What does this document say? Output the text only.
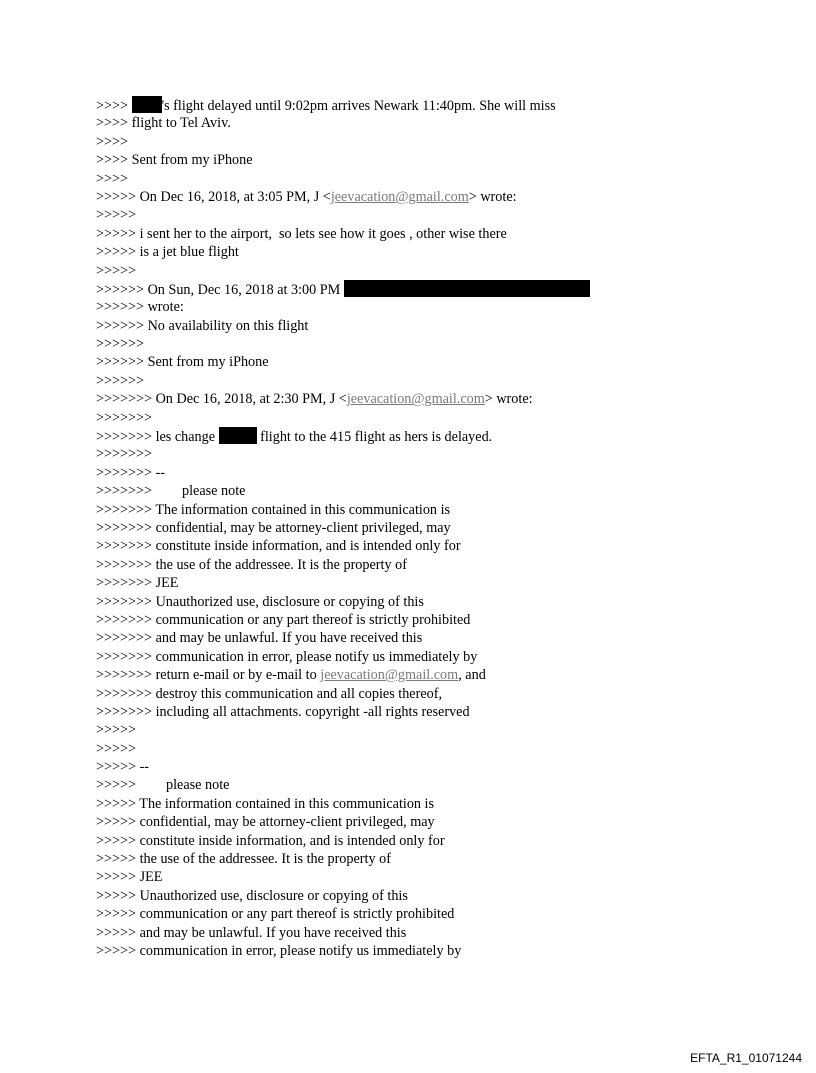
>>>> 's flight delayed until 9:02pm arrives Newark 11:40pm. She will miss
>>>> flight to Tel Aviv.
>>>>
>>>> Sent from my iPhone
>>>>
>>>>> On Dec 16, 2018, at 3:05 PM, J <jeevacation@gmail.com> wrote:
>>>>>
>>>>> i sent her to the airport,  so lets see how it goes , other wise there
>>>>> is a jet blue flight
>>>>>
>>>>>> On Sun, Dec 16, 2018 at 3:00 PM
>>>>>> wrote:
>>>>>> No availability on this flight
>>>>>>
>>>>>> Sent from my iPhone
>>>>>>
>>>>>>> On Dec 16, 2018, at 2:30 PM, J <jeevacation@gmail.com> wrote:
>>>>>>>
>>>>>>> les change	flight to the 415 flight as hers is delayed.
>>>>>>>
>>>>>>> --
>>>>>>> please note
>>>>>>> The information contained in this communication is
>>>>>>> confidential, may be attorney-client privileged, may
>>>>>>> constitute inside information, and is intended only for
>>>>>>> the use of the addressee. It is the property of
>>>>>>> JEE
>>>>>>> Unauthorized use, disclosure or copying of this
>>>>>>> communication or any part thereof is strictly prohibited
>>>>>>> and may be unlawful. If you have received this
>>>>>>> communication in error, please notify us immediately by
>>>>>>> return e-mail or by e-mail to jeevacation@gmail.com, and
>>>>>>> destroy this communication and all copies thereof,
>>>>>>> including all attachments. copyright -all rights reserved
>>>>>
>>>>>
>>>>> --
>>>>> please note
>>>>> The information contained in this communication is
>>>>> confidential, may be attorney-client privileged, may
>>>>> constitute inside information, and is intended only for
>>>>> the use of the addressee. It is the property of
>>>>> JEE
>>>>> Unauthorized use, disclosure or copying of this
>>>>> communication or any part thereof is strictly prohibited
>>>>> and may be unlawful. If you have received this
>>>>> communication in error, please notify us immediately by
EFTA_R1_01071244
